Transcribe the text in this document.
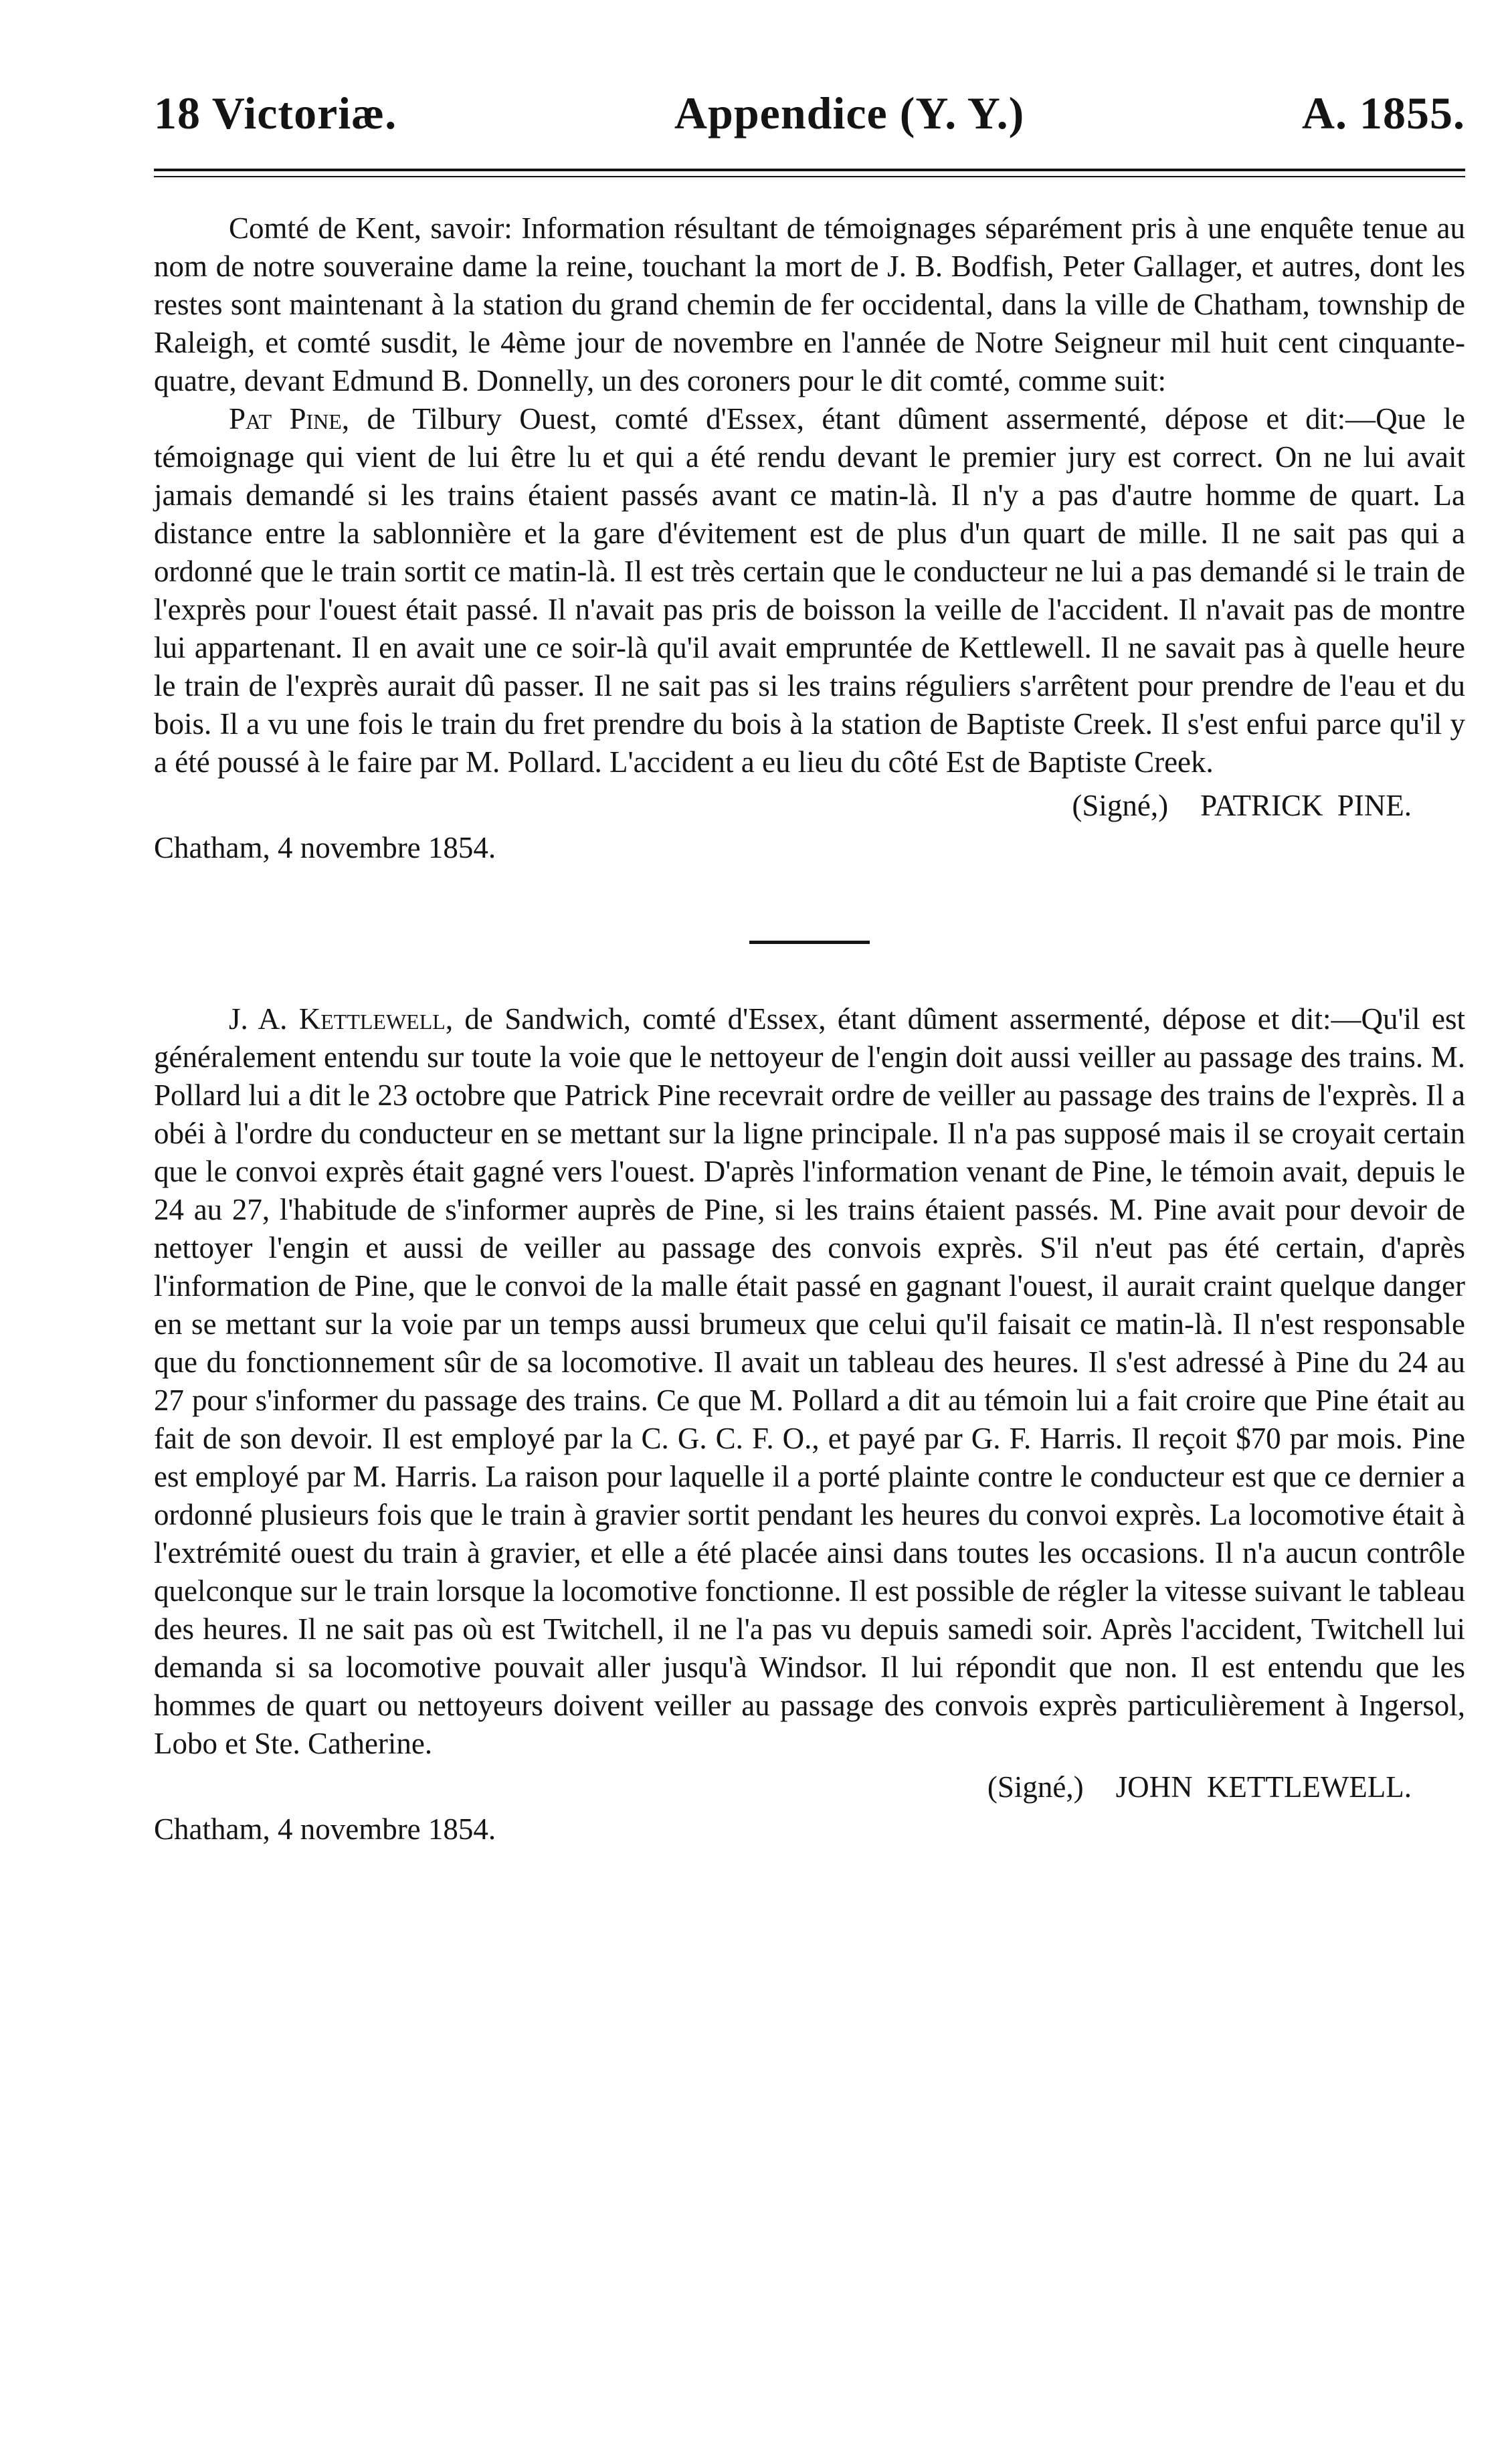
18 Victoriæ.	Appendice (Y. Y.)	A. 1855.

Comté de Kent, savoir: Information résultant de témoignages séparément pris à une enquête tenue au nom de notre souveraine dame la reine, touchant la mort de J. B. Bodfish, Peter Gallager, et autres, dont les restes sont maintenant à la station du grand chemin de fer occidental, dans la ville de Chatham, township de Raleigh, et comté susdit, le 4ème jour de novembre en l'année de Notre Seigneur mil huit cent cinquante-quatre, devant Edmund B. Donnelly, un des coroners pour le dit comté, comme suit:

Pat Pine, de Tilbury Ouest, comté d'Essex, étant dûment assermenté, dépose et dit:—Que le témoignage qui vient de lui être lu et qui a été rendu devant le premier jury est correct. On ne lui avait jamais demandé si les trains étaient passés avant ce matin-là. Il n'y a pas d'autre homme de quart. La distance entre la sablonnière et la gare d'évitement est de plus d'un quart de mille. Il ne sait pas qui a ordonné que le train sortit ce matin-là. Il est très certain que le conducteur ne lui a pas demandé si le train de l'exprès pour l'ouest était passé. Il n'avait pas pris de boisson la veille de l'accident. Il n'avait pas de montre lui appartenant. Il en avait une ce soir-là qu'il avait empruntée de Kettlewell. Il ne savait pas à quelle heure le train de l'exprès aurait dû passer. Il ne sait pas si les trains réguliers s'arrêtent pour prendre de l'eau et du bois. Il a vu une fois le train du fret prendre du bois à la station de Baptiste Creek. Il s'est enfui parce qu'il y a été poussé à le faire par M. Pollard. L'accident a eu lieu du côté Est de Baptiste Creek.

(Signé,) PATRICK PINE.

Chatham, 4 novembre 1854.

J. A. Kettlewell, de Sandwich, comté d'Essex, étant dûment assermenté, dépose et dit:—Qu'il est généralement entendu sur toute la voie que le nettoyeur de l'engin doit aussi veiller au passage des trains. M. Pollard lui a dit le 23 octobre que Patrick Pine recevrait ordre de veiller au passage des trains de l'exprès. Il a obéi à l'ordre du conducteur en se mettant sur la ligne principale. Il n'a pas supposé mais il se croyait certain que le convoi exprès était gagné vers l'ouest. D'après l'information venant de Pine, le témoin avait, depuis le 24 au 27, l'habitude de s'informer auprès de Pine, si les trains étaient passés. M. Pine avait pour devoir de nettoyer l'engin et aussi de veiller au passage des convois exprès. S'il n'eut pas été certain, d'après l'information de Pine, que le convoi de la malle était passé en gagnant l'ouest, il aurait craint quelque danger en se mettant sur la voie par un temps aussi brumeux que celui qu'il faisait ce matin-là. Il n'est responsable que du fonctionnement sûr de sa locomotive. Il avait un tableau des heures. Il s'est adressé à Pine du 24 au 27 pour s'informer du passage des trains. Ce que M. Pollard a dit au témoin lui a fait croire que Pine était au fait de son devoir. Il est employé par la C. G. C. F. O., et payé par G. F. Harris. Il reçoit $70 par mois. Pine est employé par M. Harris. La raison pour laquelle il a porté plainte contre le conducteur est que ce dernier a ordonné plusieurs fois que le train à gravier sortit pendant les heures du convoi exprès. La locomotive était à l'extrémité ouest du train à gravier, et elle a été placée ainsi dans toutes les occasions. Il n'a aucun contrôle quelconque sur le train lorsque la locomotive fonctionne. Il est possible de régler la vitesse suivant le tableau des heures. Il ne sait pas où est Twitchell, il ne l'a pas vu depuis samedi soir. Après l'accident, Twitchell lui demanda si sa locomotive pouvait aller jusqu'à Windsor. Il lui répondit que non. Il est entendu que les hommes de quart ou nettoyeurs doivent veiller au passage des convois exprès particulièrement à Ingersol, Lobo et Ste. Catherine.

(Signé,) JOHN KETTLEWELL.

Chatham, 4 novembre 1854.
